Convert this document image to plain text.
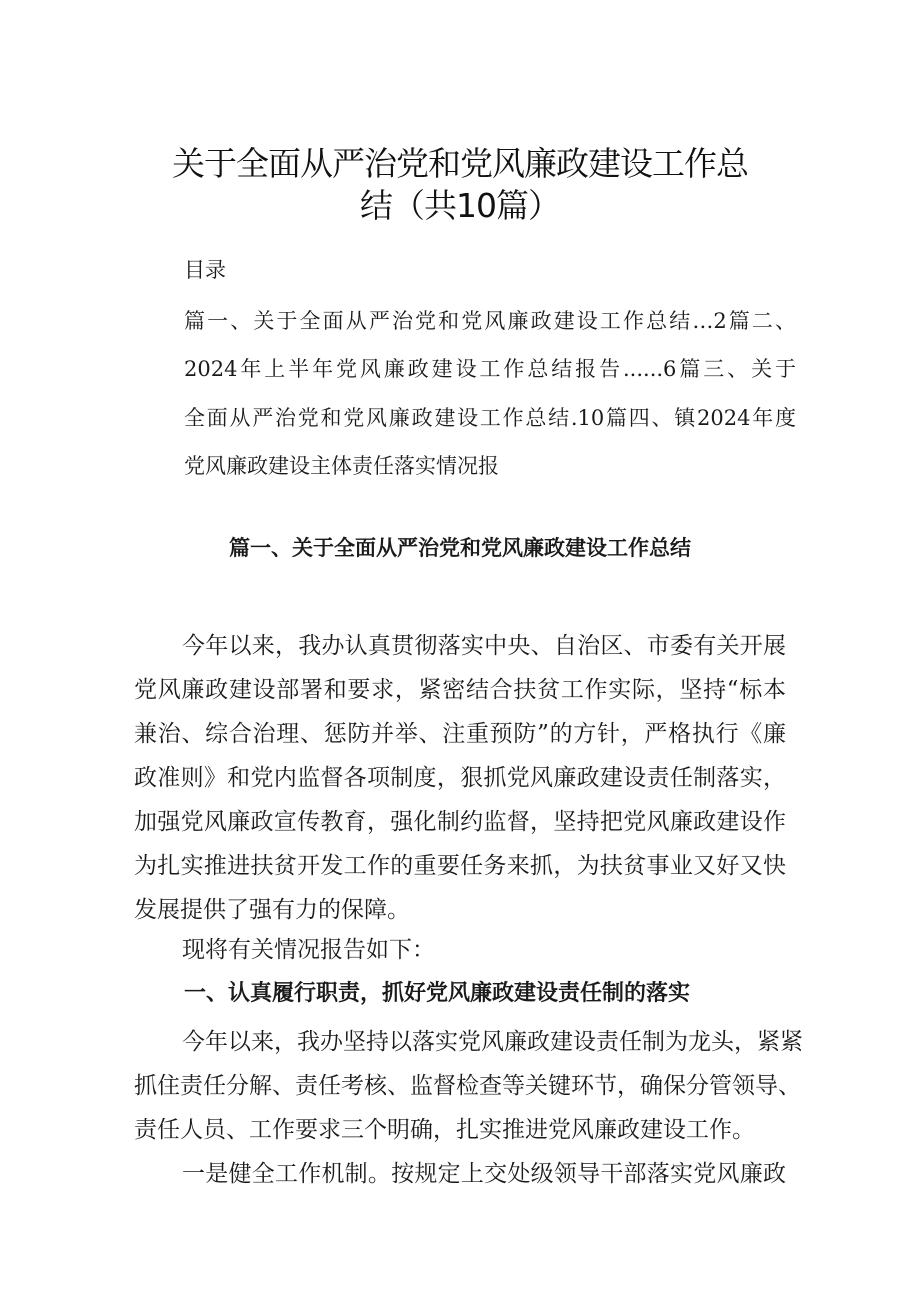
关于全面从严治党和党风廉政建设工作总
结（共10篇）
目录
篇一、关于全面从严治党和党风廉政建设工作总结…2篇二、
2024年上半年党风廉政建设工作总结报告......6篇三、关于
全面从严治党和党风廉政建设工作总结.10篇四、镇2024年度
党风廉政建设主体责任落实情况报
篇一、关于全面从严治党和党风廉政建设工作总结
今年以来，我办认真贯彻落实中央、自治区、市委有关开展
党风廉政建设部署和要求，紧密结合扶贫工作实际，坚持“标本
兼治、综合治理、惩防并举、注重预防”的方针，严格执行《廉
政准则》和党内监督各项制度，狠抓党风廉政建设责任制落实，
加强党风廉政宣传教育，强化制约监督，坚持把党风廉政建设作
为扎实推进扶贫开发工作的重要任务来抓，为扶贫事业又好又快
发展提供了强有力的保障。
现将有关情况报告如下：
一、认真履行职责，抓好党风廉政建设责任制的落实
今年以来，我办坚持以落实党风廉政建设责任制为龙头，紧紧
抓住责任分解、责任考核、监督检查等关键环节，确保分管领导、
责任人员、工作要求三个明确，扎实推进党风廉政建设工作。
一是健全工作机制。按规定上交处级领导干部落实党风廉政
